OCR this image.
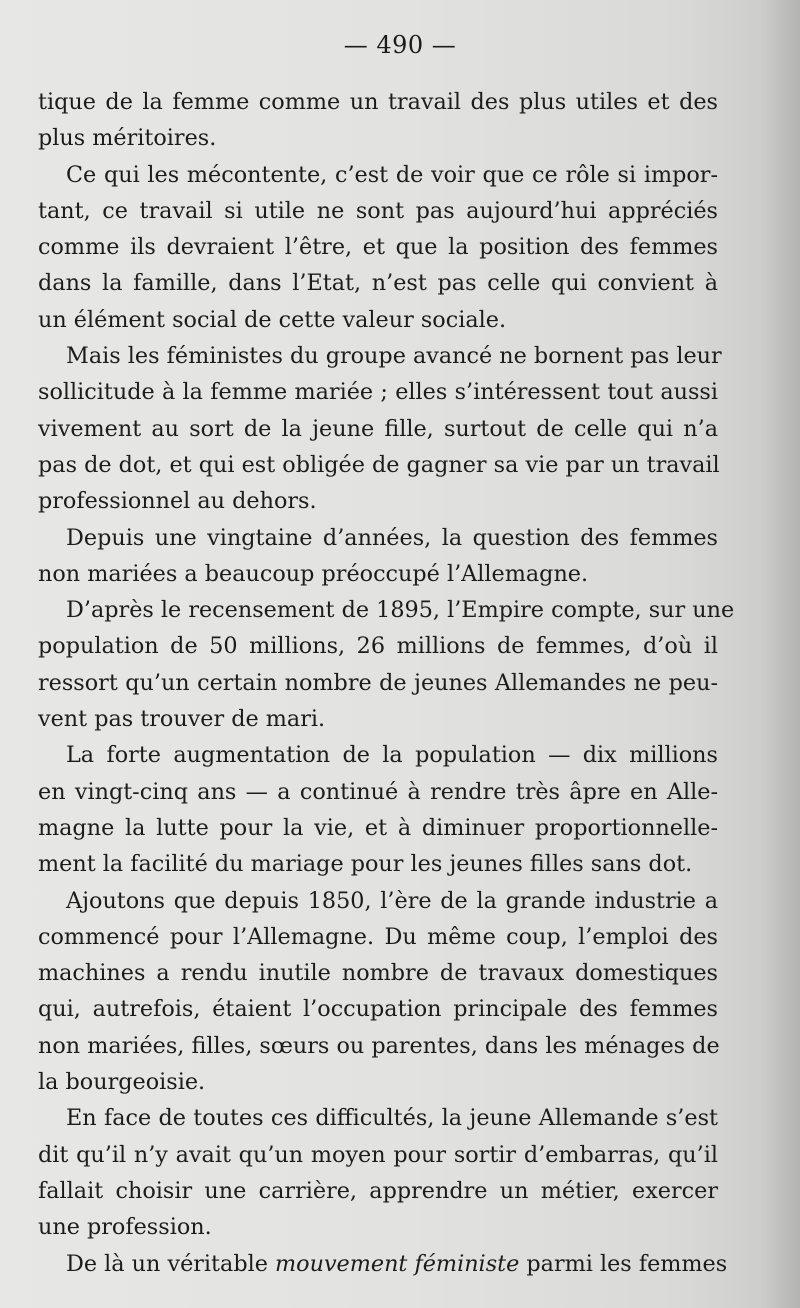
— 490 —
tique de la femme comme un travail des plus utiles et des
plus méritoires.
Ce qui les mécontente, c’est de voir que ce rôle si impor-
tant, ce travail si utile ne sont pas aujourd’hui appréciés
comme ils devraient l’être, et que la position des femmes
dans la famille, dans l’Etat, n’est pas celle qui convient à
un élément social de cette valeur sociale.
Mais les féministes du groupe avancé ne bornent pas leur
sollicitude à la femme mariée ; elles s’intéressent tout aussi
vivement au sort de la jeune fille, surtout de celle qui n’a
pas de dot, et qui est obligée de gagner sa vie par un travail
professionnel au dehors.
Depuis une vingtaine d’années, la question des femmes
non mariées a beaucoup préoccupé l’Allemagne.
D’après le recensement de 1895, l’Empire compte, sur une
population de 50 millions, 26 millions de femmes, d’où il
ressort qu’un certain nombre de jeunes Allemandes ne peu-
vent pas trouver de mari.
La forte augmentation de la population — dix millions
en vingt-cinq ans — a continué à rendre très âpre en Alle-
magne la lutte pour la vie, et à diminuer proportionnelle-
ment la facilité du mariage pour les jeunes filles sans dot.
Ajoutons que depuis 1850, l’ère de la grande industrie a
commencé pour l’Allemagne. Du même coup, l’emploi des
machines a rendu inutile nombre de travaux domestiques
qui, autrefois, étaient l’occupation principale des femmes
non mariées, filles, sœurs ou parentes, dans les ménages de
la bourgeoisie.
En face de toutes ces difficultés, la jeune Allemande s’est
dit qu’il n’y avait qu’un moyen pour sortir d’embarras, qu’il
fallait choisir une carrière, apprendre un métier, exercer
une profession.
De là un véritable mouvement féministe parmi les femmes
